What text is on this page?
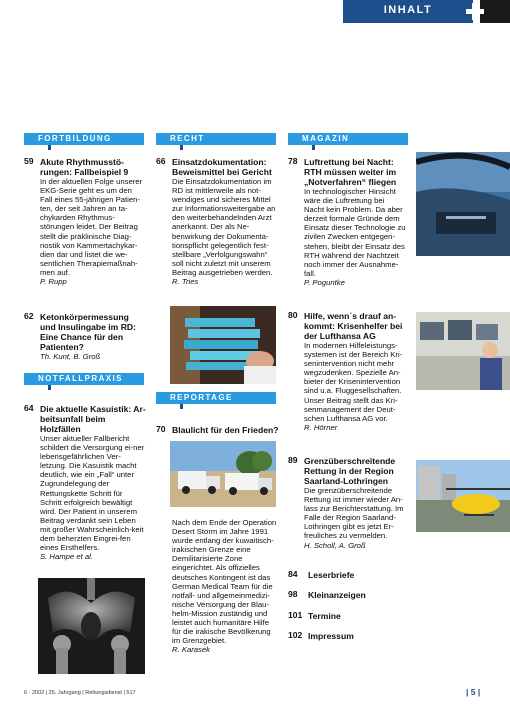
INHALT
FORTBILDUNG	RECHT	MAGAZIN
NOTFALLPRAXIS
REPORTAGE
59 Akute Rhythmusstö-rungen: Fallbeispiel 9
In der aktuellen Folge unserer EKG-Serie geht es um den Fall eines 55-jährigen Patien-ten, der seit Jahren an ta-chykarden Rhythmus-störungen leidet. Der Beitrag stellt die präklinische Diag-nostik von Kammertachykar-dien dar und listet die we-sentlichen Therapiemaßnah-men auf.
P. Rupp
62 Ketonkörpermessung und Insulingabe im RD: Eine Chance für den Patienten?
Th. Kunt, B. Groß
64 Die aktuelle Kasuistik: Ar-beitsunfall beim Holzfällen
Unser aktueller Fallbericht schildert die Versorgung ei-ner lebensgefährlichen Ver-letzung. Die Kasuistik macht deutlich, wie ein „Fall“ unter Zugrundelegung der Rettungskette Schritt für Schritt erfolgreich bewältigt wird. Der Patient in unserem Beitrag verdankt sein Leben mit großer Wahrscheinlich-keit dem beherzten Eingrei-fen eines Ersthelfers.
S. Hampe et al.
66 Einsatzdokumentation: Beweismittel bei Gericht
Die Einsatzdokumentation im RD ist mittlerweile als not-wendiges und sicheres Mittel zur Informationsweitergabe an den weiterbehandelnden Arzt anerkannt. Der als Ne-benwirkung der Dokumenta-tionspflicht gelegentlich fest-stellbare „Verfolgungswahn“ soll nicht zuletzt mit unserem Beitrag ausgetrieben werden.
R. Tries
70 Blaulicht für den Frieden?
Nach dem Ende der Operation Desert Storm im Jahre 1991 wurde entlang der kuwaitisch-irakischen Grenze eine Demilitarisierte Zone eingerichtet. Als offizielles deutsches Kontingent ist das German Medical Team für die notfall- und allgemeinmedizi-nische Versorgung der Blau-helm-Mission zuständig und leistet auch humanitäre Hilfe für die irakische Bevölkerung im Grenzgebiet.
R. Karasek
78 Luftrettung bei Nacht: RTH müssen weiter im „Notverfahren“ fliegen
In technologischer Hinsicht wäre die Luftrettung bei Nacht kein Problem. Da aber derzeit formale Gründe dem Einsatz dieser Technologie zu zivilen Zwecken entgegen-stehen, bleibt der Einsatz des RTH während der Nachtzeit noch immer der Ausnahme-fall.
P. Poguntke
80 Hilfe, wenn´s drauf an-kommt: Krisenhelfer bei der Lufthansa AG
In modernen Hilfeleistungs-systemen ist der Bereich Kri-senintervention nicht mehr wegzudenken. Spezielle An-bieter der Krisenintervention sind u.a. Fluggesellschaften. Unser Beitrag stellt das Kri-senmanagement der Deut-schen Lufthansa AG vor.
R. Hörner
89 Grenzüberschreitende Rettung in der Region Saarland-Lothringen
Die grenzüberschreitende Rettung ist immer wieder An-lass zur Berichterstattung. Im Falle der Region Saarland-Lothringen gibt es jetzt Er-freuliches zu vermelden.
H. Scholl, A. Groß
84 Leserbriefe
98 Kleinanzeigen
101 Termine
102 Impressum
6 · 2002 | 25. Jahrgang | Rettungsdienst | 517	| 5 |
